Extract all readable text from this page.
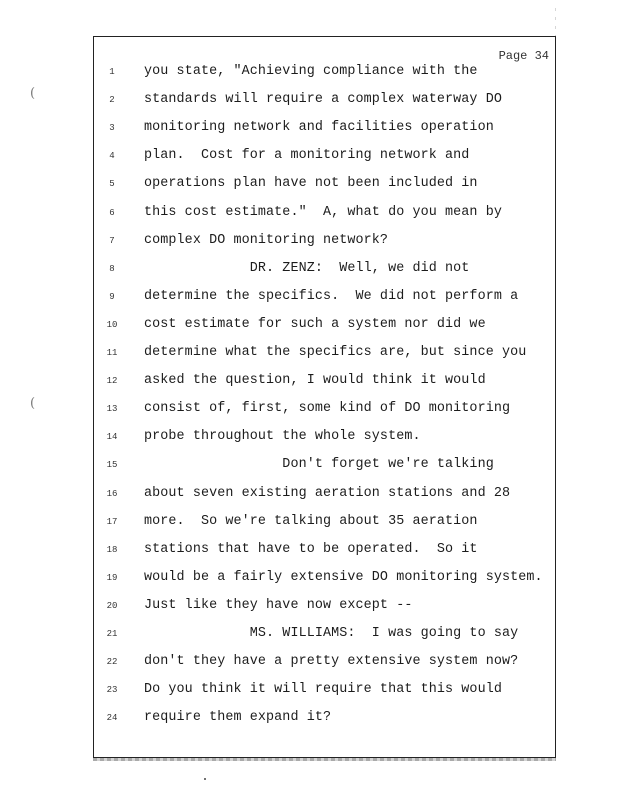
(
(
Page 34
1	you state, "Achieving compliance with the
2	standards will require a complex waterway DO
3	monitoring network and facilities operation
4	plan.  Cost for a monitoring network and
5	operations plan have not been included in
6	this cost estimate."  A, what do you mean by
7	complex DO monitoring network?
8	DR. ZENZ:  Well, we did not
9	determine the specifics.  We did not perform a
10	cost estimate for such a system nor did we
11	determine what the specifics are, but since you
12	asked the question, I would think it would
13	consist of, first, some kind of DO monitoring
14	probe throughout the whole system.
15	Don't forget we're talking
16	about seven existing aeration stations and 28
17	more.  So we're talking about 35 aeration
18	stations that have to be operated.  So it
19	would be a fairly extensive DO monitoring system.
20	Just like they have now except --
21	MS. WILLIAMS:  I was going to say
22	don't they have a pretty extensive system now?
23	Do you think it will require that this would
24	require them expand it?
